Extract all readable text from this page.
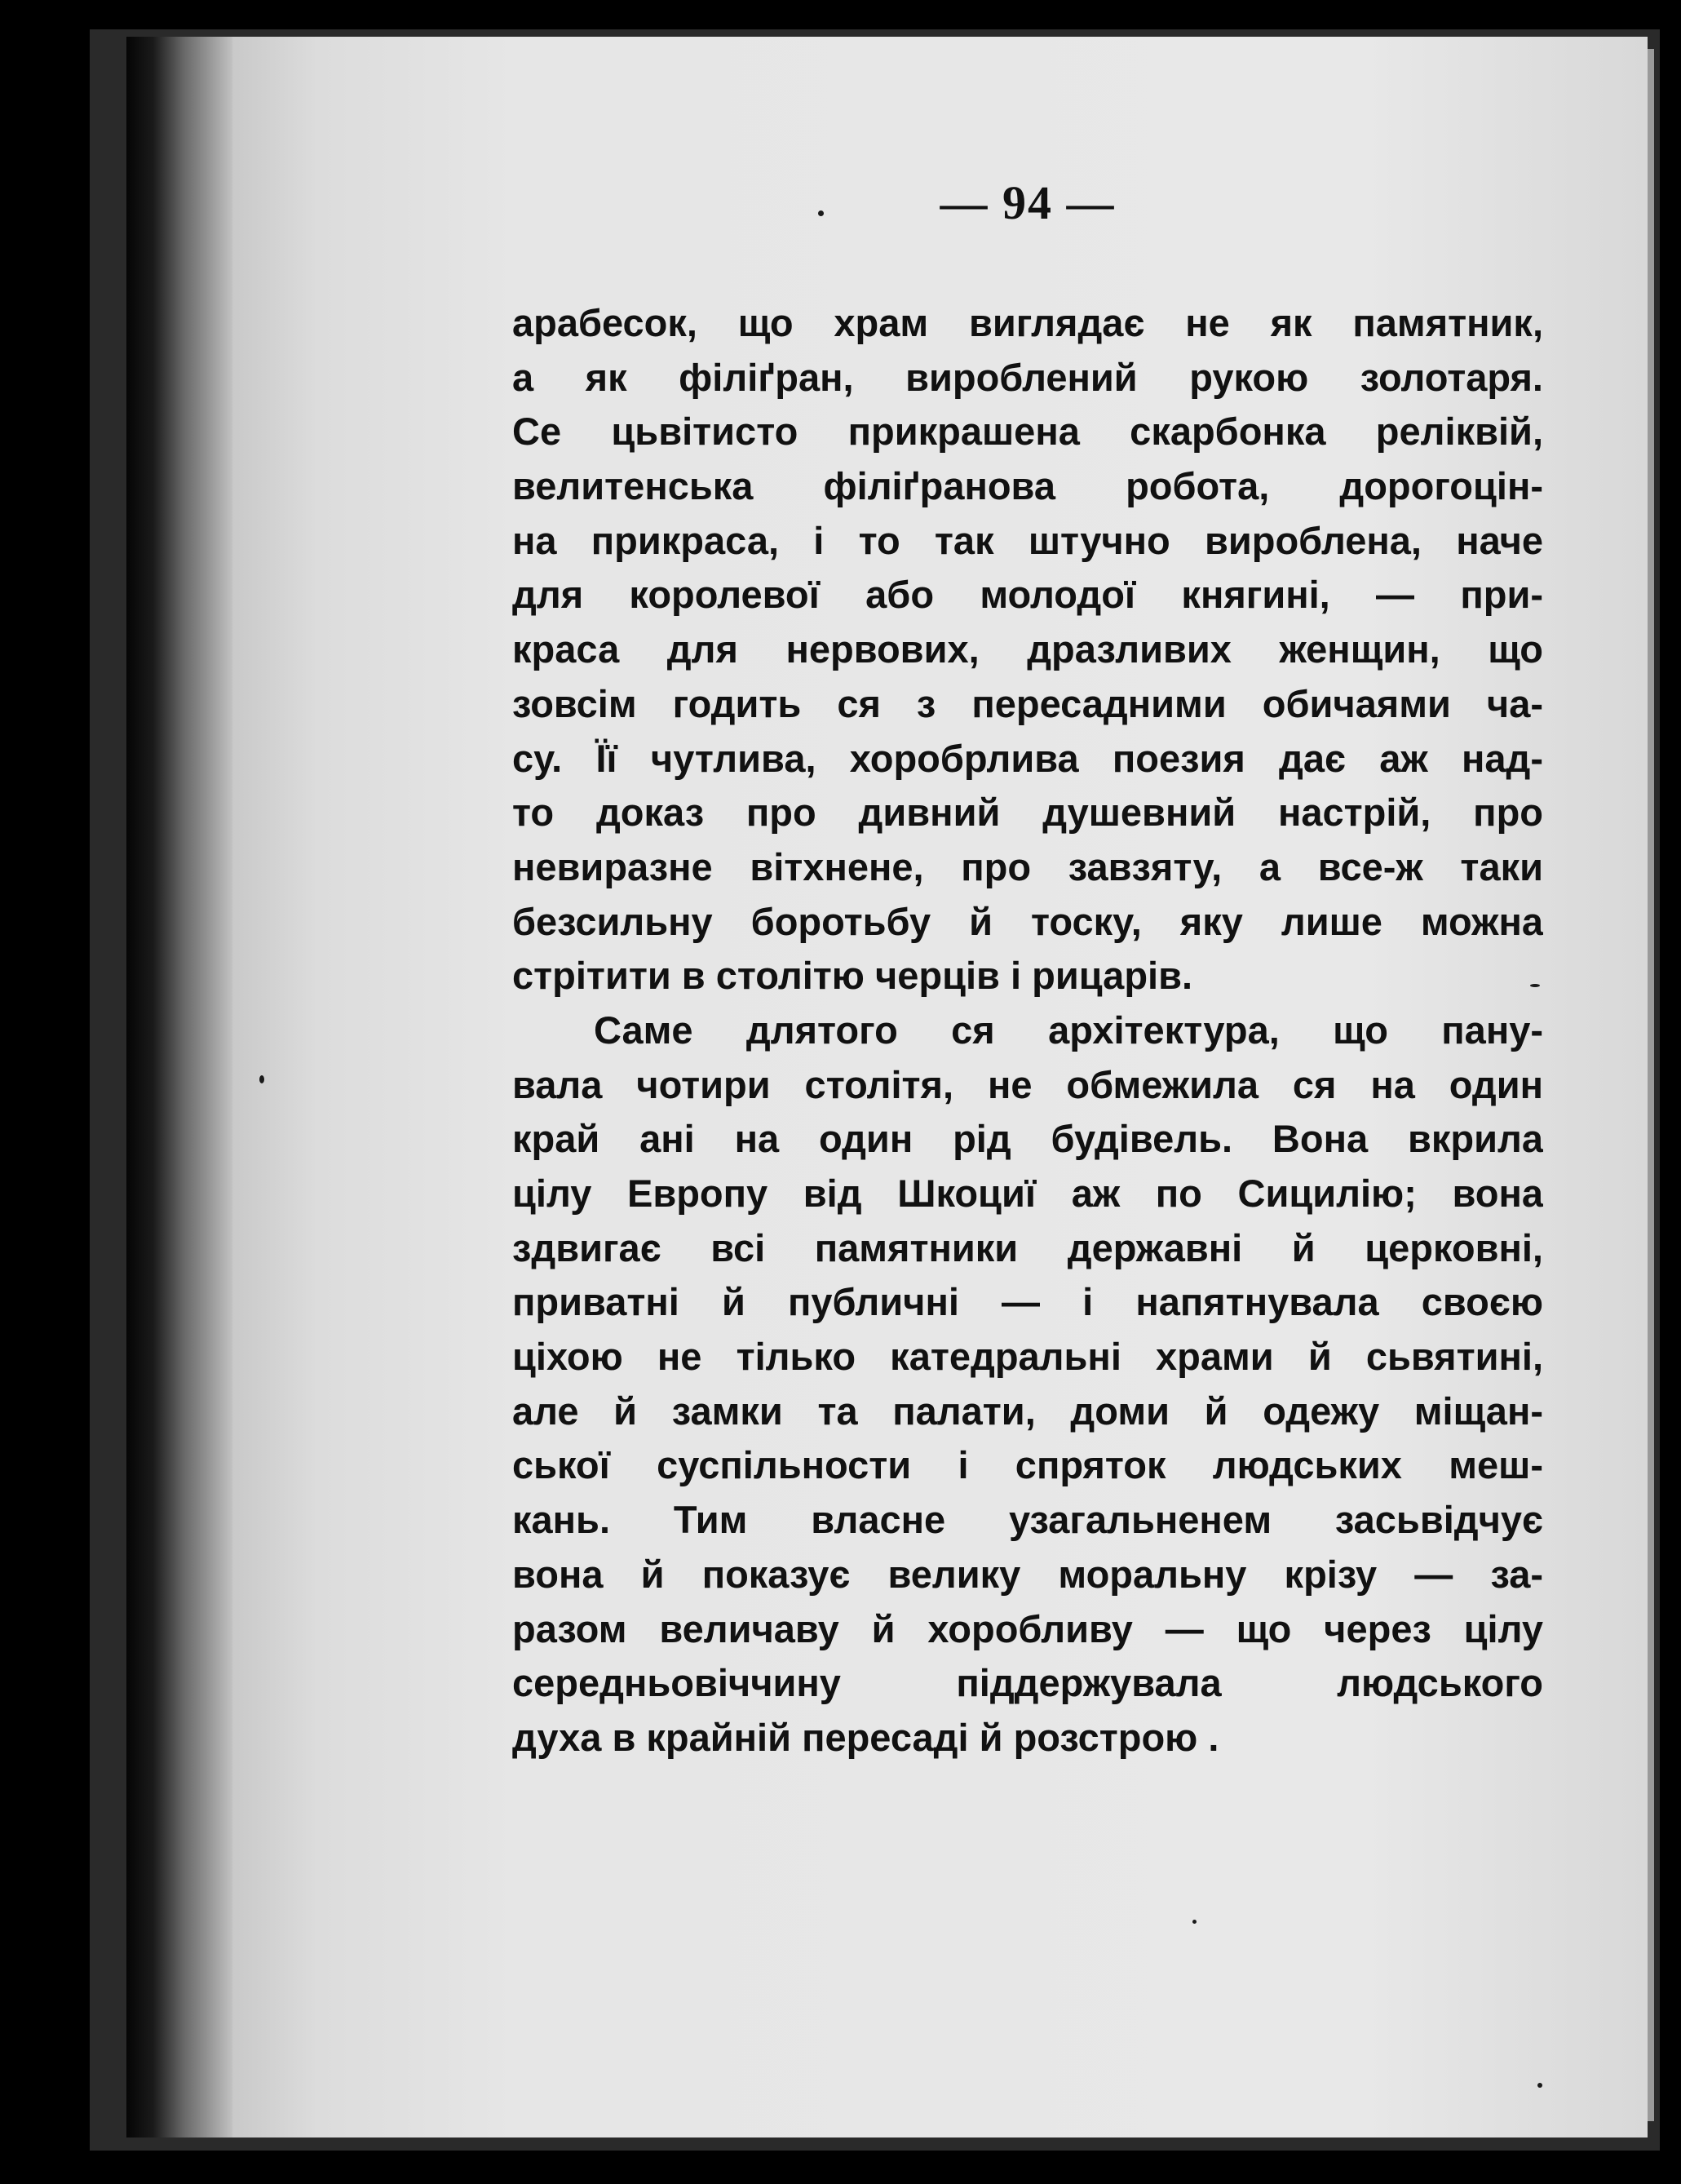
— 94 —
арабесок, що храм виглядає не як памятник,
а як філіґран, вироблений рукою золотаря.
Се цьвітисто прикрашена скарбонка реліквій,
велитенська філіґранова робота, дорогоцін-
на прикраса, і то так штучно вироблена, наче
для королевої або молодої княгині, — при-
краса для нервових, дразливих женщин, що
зовсім годить ся з пересадними обичаями ча-
су. Її чутлива, хоробрлива поезия дає аж над-
то доказ про дивний душевний настрій, про
невиразне вітхнене, про завзяту, а все-ж таки
безсильну боротьбу й тоску, яку лише можна
стрітити в столітю черців і рицарів.
Саме длятого ся архітектура, що пану-
вала чотири столітя, не обмежила ся на один
край ані на один рід будівель. Вона вкрила
цілу Европу від Шкоциї аж по Сицилію; вона
здвигає всі памятники державні й церковні,
приватні й публичні — і напятнувала своєю
ціхою не тілько катедральні храми й сьвятині,
але й замки та палати, доми й одежу міщан-
ської суспільности і спряток людських меш-
кань. Тим власне узагальненем засьвідчує
вона й показує велику моральну крізу — за-
разом величаву й хоробливу — що через цілу
середньовіччину піддержувала людського
духа в крайній пересаді й розстрою .
